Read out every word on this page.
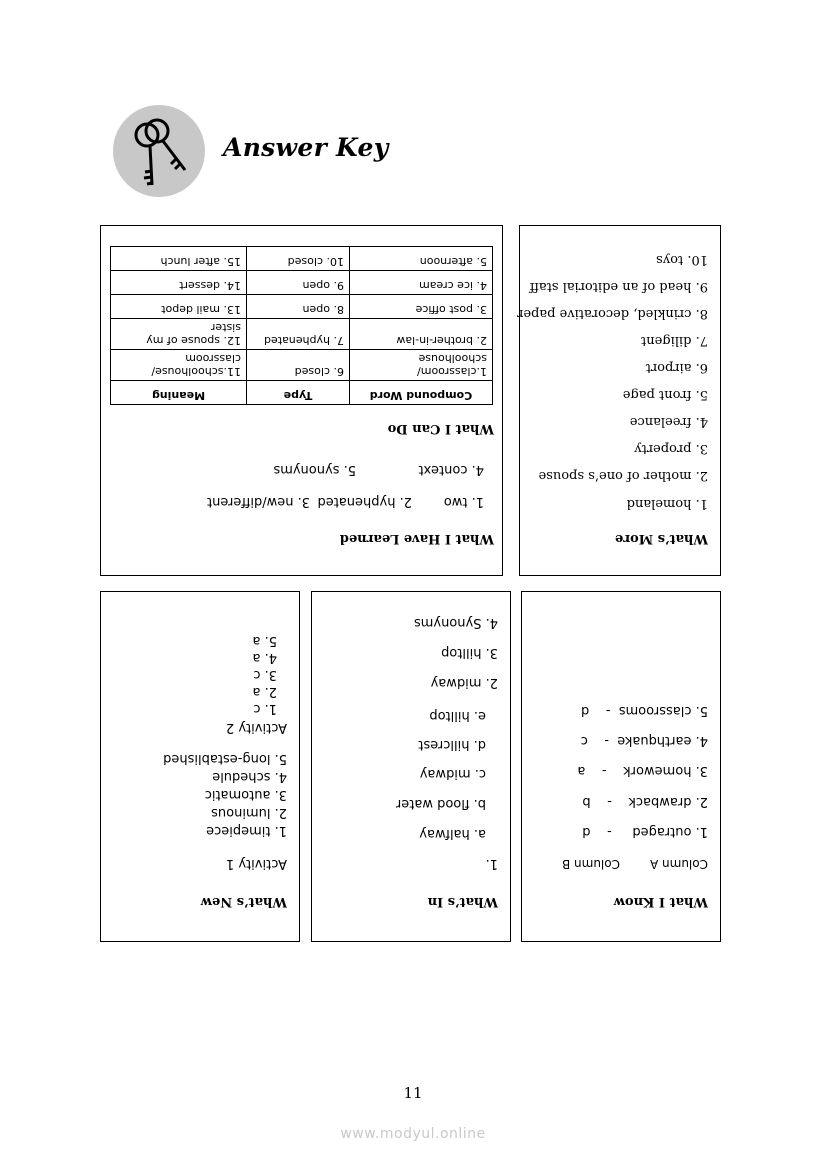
Answer Key
What’s More
1. homeland
2. mother of one’s spouse
3. property
4. freelance
5. front page
6. airport
7. diligent
8. crinkled, decorative paper
9. head of an editorial staff
10. toys
What I Have Learned
1. two
2. hyphenated
3. new/different
4. context
5. synonyms
What I Can Do
Compound Word	Type	Meaning
1.classroom/ schoolhouse	6. closed	11.schoolhouse/ classroom
2. brother-in-law	7. hyphenated	12. spouse of my sister
3. post office	8. open	13. mail depot
4. ice cream	9. open	14. dessert
5. afternoon	10. closed	15. after lunch
What I Know
Column A
Column B
1. outraged     -    d
2. drawback    -    b
3. homework    -    a
4. earthquake  -    c
5. classrooms  -    d
What’s In
1.
a. halfway
b. flood water
c. midway
d. hillcrest
e. hilltop
2. midway
3. hilltop
4. Synonyms
What’s New
Activity 1
1. timepiece
2. luminous
3. automatic
4. schedule
5. long-established
Activity 2
1. c
2. a
3. c
4. a
5. a
11
www.modyul.online
